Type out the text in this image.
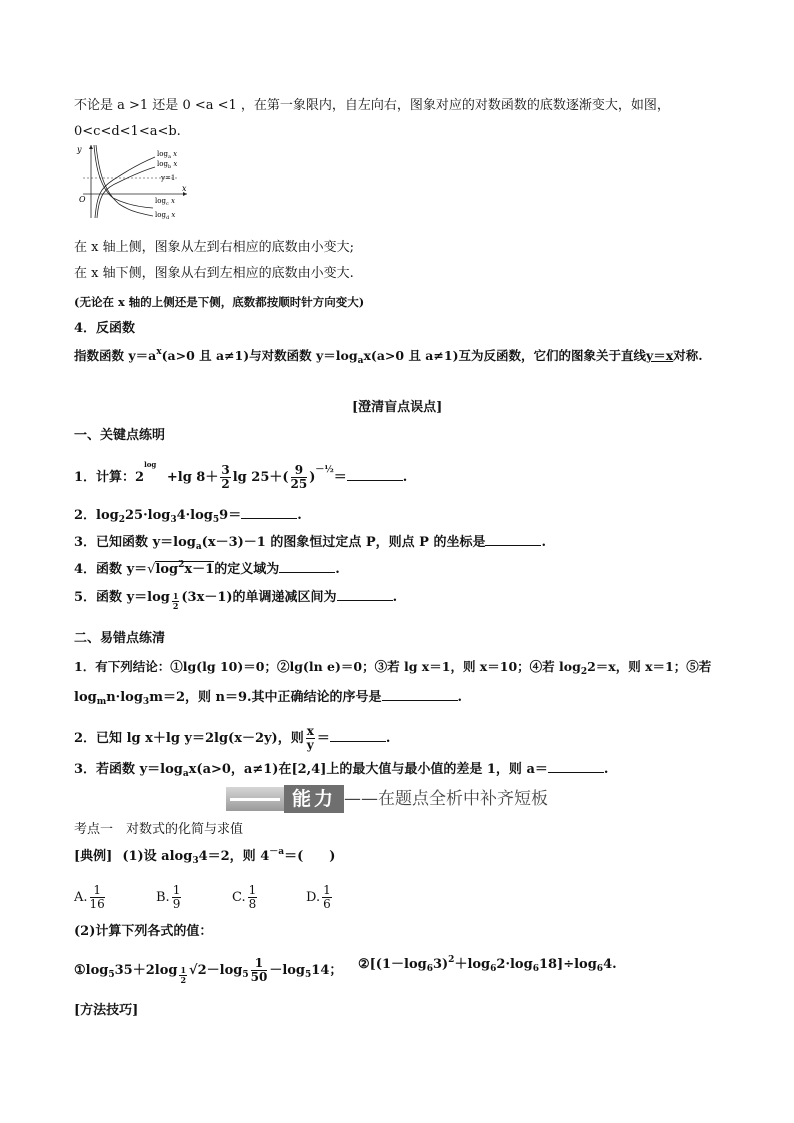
不论是 a >1 还是 0 <a <1 ，在第一象限内，自左向右，图象对应的对数函数的底数逐渐变大，如图，
0<c<d<1<a<b.
y
x
O
$\log_a x$
$\log_b x$
y=1
$\log_c x$
$\log_d x$
在 x 轴上侧，图象从左到右相应的底数由小变大;
在 x 轴下侧，图象从右到左相应的底数由小变大.
(无论在 x 轴的上侧还是下侧，底数都按顺时针方向变大)
4．反函数
指数函数 $y=a^x(a>0$ 且 a≠1)与对数函数 $y=\log_ax(a>0$ 且 a≠1)互为反函数，它们的图象关于直线y＝x对称.
[澄清盲点误点]
一、关键点练明
1．计算：$2^{log} +\lg$ $8+ \frac{3}{2}$ $\lg 25+( \frac{9}{25} )^{-\frac{1}{2}}=$	.
2．$\log_225\cdot\log_34\cdot\log_59=$	.
3．已知函数 $y=\log_a(x-3)-1$ 的图象恒过定点 P，则点 P 的坐标是	.
4．函数 $y=√\log^2x-1$的定义域为	.
5．函数 $y=\log \frac{1}{2} (3x-1)$的单调递减区间为	.
二、易错点练清
1．有下列结论：①lg(lg 10)＝0；②lg(ln e)＝0；③若 lg x＝1，则 x＝10；④若 $\log_22=x$，则 x＝1；⑤若
$\log_mn\cdot\log_3m=2$，则 n＝9.其中正确结论的序号是	.
2．已知 lg x＋lg y＝2lg(x－2y)，则 $\frac{x}{y}$ ＝	.
3．若函数 $y=\log_ax(a>0$，a≠1)在[2,4]上的最大值与最小值的差是 1，则 a＝	.
能力 ——在题点全析中补齐短板
考点一　对数式的化简与求值
[典例] (1)设 alog$_3$4＝2，则 $4^{-a}=$(　　)
A. $\frac{1}{16}$	B. $\frac{1}{9}$	C. $\frac{1}{8}$	D. $\frac{1}{6}$
(2)计算下列各式的值：
$①\log_535+2\log \frac{1}{2} √2-\log_5 \frac{1}{50} -\log_514$； $②[(1-\log_63)^2+\log_62\cdot\log_618]\div\log_64$.
[方法技巧]
